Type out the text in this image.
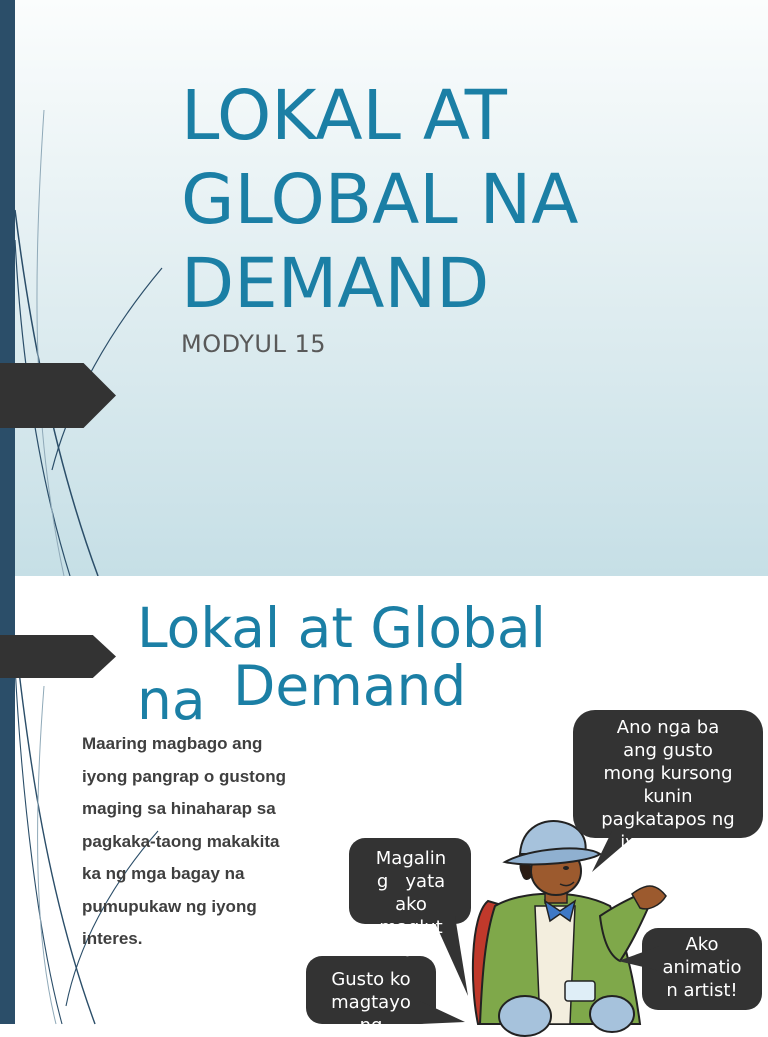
LOKAL AT
GLOBAL NA
DEMAND
MODYUL 15
Lokal at Global
na Demand
Maaring magbago ang
iyong pangrap o gustong
maging sa hinaharap sa
pagkaka-taong makakita
ka ng mga bagay na
pumupukaw ng iyong
interes.
Ano nga ba
ang gusto
mong kursong
kunin
pagkatapos ng
iyong pag-
aaral?
Magalin
g   yata
ako
maglut
o!	Ako
animatio
n artist!
Gusto ko
magtayo
ng
